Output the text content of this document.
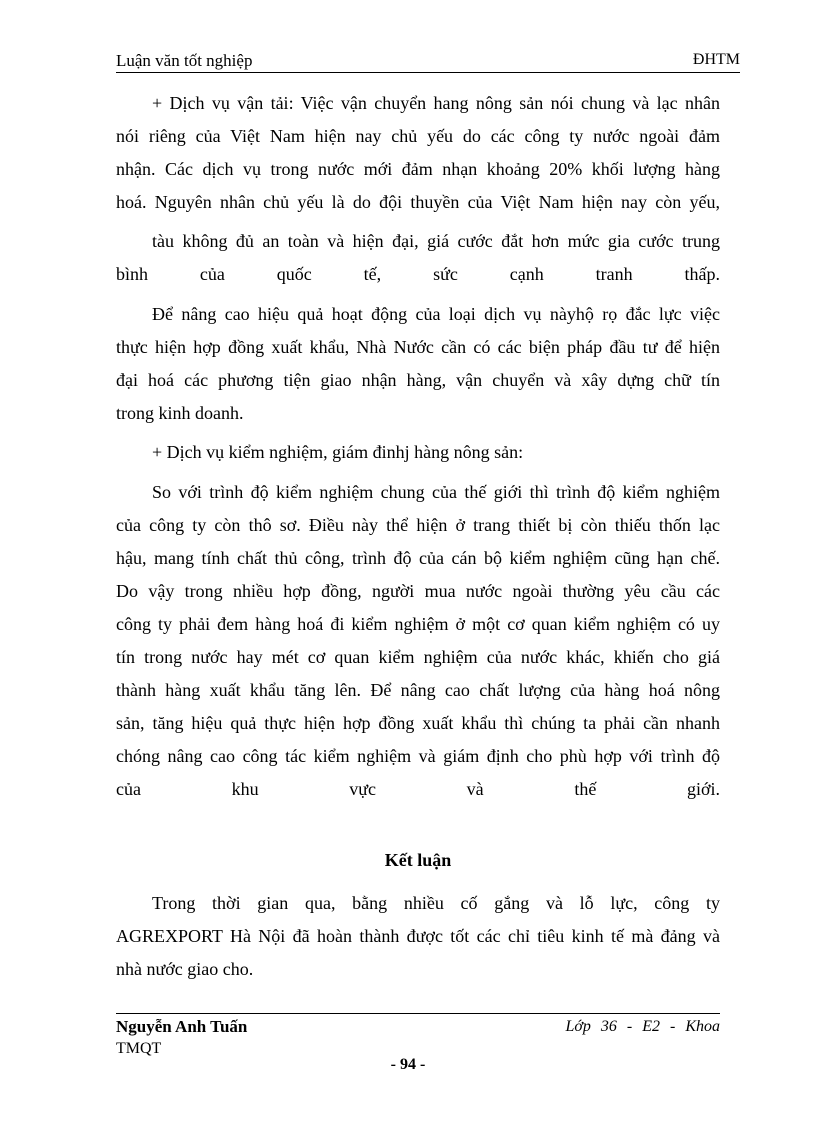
Luận văn tốt nghiệp	ĐHTM
+ Dịch vụ vận tải: Việc vận chuyển hang nông sản nói chung và lạc nhân
nói riêng của Việt Nam hiện nay chủ yếu do các công ty nước ngoài đảm
nhận. Các dịch vụ trong nước mới đảm nhạn khoảng 20% khối lượng hàng
hoá. Nguyên nhân chủ yếu là do đội thuyền của Việt Nam hiện nay còn yếu,
tàu không đủ an toàn và hiện đại, giá cước đắt hơn mức gia cước trung
bình của quốc tế, sức cạnh tranh thấp.
Để nâng cao hiệu quả hoạt động của loại dịch vụ nàyhộ rọ đắc lực việc
thực hiện hợp đồng xuất khẩu, Nhà Nước cần có các biện pháp đầu tư để hiện
đại hoá các phương tiện giao nhận hàng, vận chuyển và xây dựng chữ tín
trong kinh doanh.
+ Dịch vụ kiểm nghiệm, giám đinhj hàng nông sản:
So với trình độ kiểm nghiệm chung của thế giới thì trình độ kiểm nghiệm
của công ty còn thô sơ. Điều này thể hiện ở trang thiết bị còn thiếu thốn lạc
hậu, mang tính chất thủ công, trình độ của cán bộ kiểm nghiệm cũng hạn chế.
Do vậy trong nhiều hợp đồng, người mua nước ngoài thường yêu cầu các
công ty phải đem hàng hoá đi kiểm nghiệm ở một cơ quan kiểm nghiệm có uy
tín trong nước hay mét cơ quan kiểm nghiệm của nước khác, khiến cho giá
thành hàng xuất khẩu tăng lên. Để nâng cao chất lượng của hàng hoá nông
sản, tăng hiệu quả thực hiện hợp đồng xuất khẩu thì chúng ta phải cần nhanh
chóng nâng cao công tác kiểm nghiệm và giám định cho phù hợp với trình độ
của khu vực và thế giới.
Kết luận
Trong thời gian qua, bằng nhiều cố gắng và lỗ lực, công ty
AGREXPORT Hà Nội đã hoàn thành được tốt các chỉ tiêu kinh tế mà đảng và
nhà nước giao cho.
Nguyễn Anh Tuấn	Lớp 36 - E2 - Khoa
TMQT
- 94 -
